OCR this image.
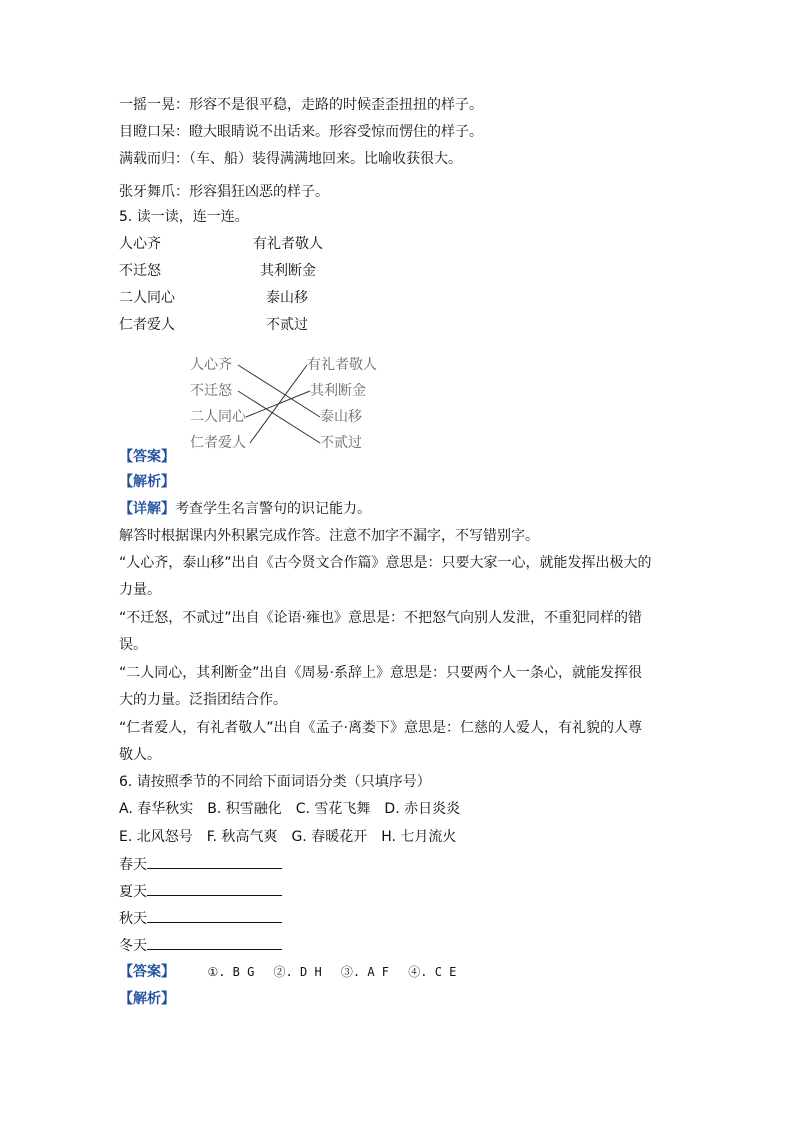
一摇一晃：形容不是很平稳，走路的时候歪歪扭扭的样子。
目瞪口呆：瞪大眼睛说不出话来。形容受惊而愣住的样子。
满载而归：（车、船）装得满满地回来。比喻收获很大。
张牙舞爪：形容猖狂凶恶的样子。
5. 读一读，连一连。
人心齐
不迁怒
二人同心
仁者爱人
有礼者敬人
其利断金
泰山移
不贰过
人心齐
不迁怒
二人同心
仁者爱人
有礼者敬人
其利断金
泰山移
不贰过
【答案】
【解析】
【详解】考查学生名言警句的识记能力。
解答时根据课内外积累完成作答。注意不加字不漏字，不写错别字。
“人心齐，泰山移”出自《古今贤文合作篇》意思是：只要大家一心，就能发挥出极大的
力量。
“不迁怒，不贰过”出自《论语·雍也》意思是：不把怒气向别人发泄，不重犯同样的错
误。
“二人同心，其利断金”出自《周易·系辞上》意思是：只要两个人一条心，就能发挥很
大的力量。泛指团结合作。
“仁者爱人，有礼者敬人”出自《孟子·离娄下》意思是：仁慈的人爱人，有礼貌的人尊
敬人。
6. 请按照季节的不同给下面词语分类（只填序号）
A. 春华秋实　B. 积雪融化　C. 雪花飞舞　D. 赤日炎炎
E. 北风怒号　F. 秋高气爽　G. 春暖花开　H. 七月流火
春天
夏天
秋天
冬天
【答案】	①. B G　 ②. D H　 ③. A F　 ④. C E
【解析】
